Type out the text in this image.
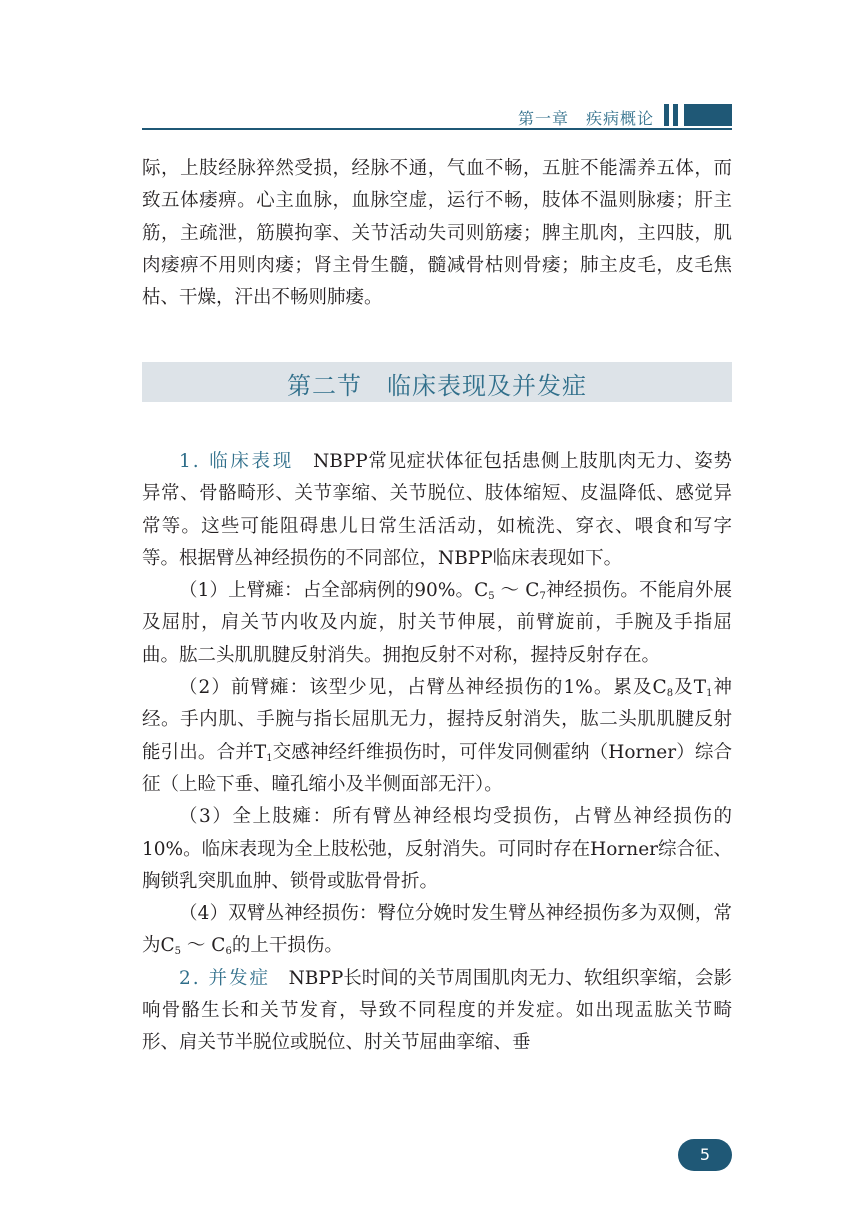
第一章　疾病概论
际，上肢经脉猝然受损，经脉不通，气血不畅，五脏不能濡养五体，而致五体痿痹。心主血脉，血脉空虚，运行不畅，肢体不温则脉痿；肝主筋，主疏泄，筋膜拘挛、关节活动失司则筋痿；脾主肌肉，主四肢，肌肉痿痹不用则肉痿；肾主骨生髓，髓减骨枯则骨痿；肺主皮毛，皮毛焦枯、干燥，汗出不畅则肺痿。
第二节　临床表现及并发症

1. 临床表现　 NBPP常见症状体征包括患侧上肢肌肉无力、姿势异常、骨骼畸形、关节挛缩、关节脱位、肢体缩短、皮温降低、感觉异常等。这些可能阻碍患儿日常生活活动，如梳洗、穿衣、喂食和写字等。根据臂丛神经损伤的不同部位，NBPP临床表现如下。

（1）上臂瘫：占全部病例的90%。$C_5$ ～ $C_7$神经损伤。不能肩外展及屈肘，肩关节内收及内旋，肘关节伸展，前臂旋前，手腕及手指屈曲。肱二头肌肌腱反射消失。拥抱反射不对称，握持反射存在。

（2）前臂瘫：该型少见，占臂丛神经损伤的1%。累及$C_8$及$T_1$神经。手内肌、手腕与指长屈肌无力，握持反射消失，肱二头肌肌腱反射能引出。合并$T_1$交感神经纤维损伤时，可伴发同侧霍纳（Horner）综合征（上睑下垂、瞳孔缩小及半侧面部无汗）。

（3）全上肢瘫：所有臂丛神经根均受损伤，占臂丛神经损伤的10%。临床表现为全上肢松弛，反射消失。可同时存在Horner综合征、胸锁乳突肌血肿、锁骨或肱骨骨折。

（4）双臂丛神经损伤：臀位分娩时发生臂丛神经损伤多为双侧，常为$C_5$ ～ $C_6$的上干损伤。

2. 并发症　 NBPP长时间的关节周围肌肉无力、软组织挛缩，会影响骨骼生长和关节发育，导致不同程度的并发症。如出现盂肱关节畸形、肩关节半脱位或脱位、肘关节屈曲挛缩、垂

5
